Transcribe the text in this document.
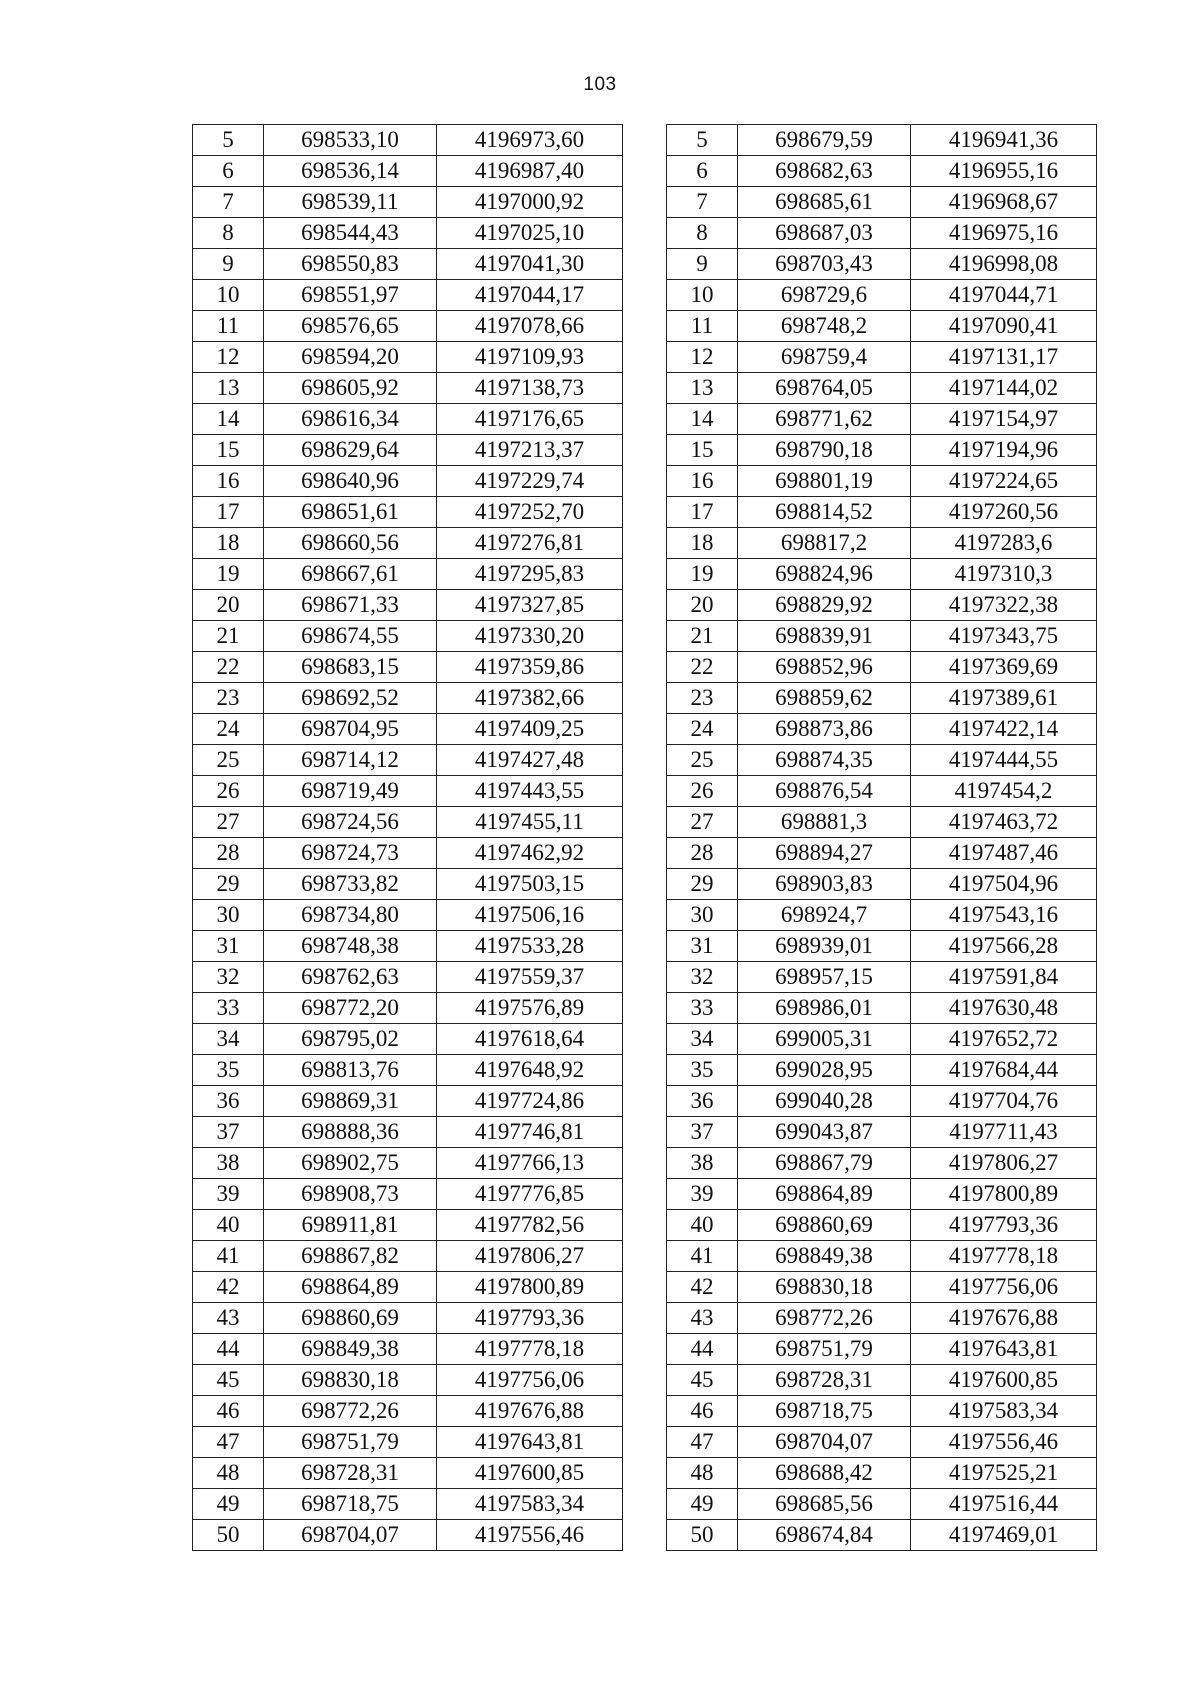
103
5	698533,10	4196973,60
6	698536,14	4196987,40
7	698539,11	4197000,92
8	698544,43	4197025,10
9	698550,83	4197041,30
10	698551,97	4197044,17
11	698576,65	4197078,66
12	698594,20	4197109,93
13	698605,92	4197138,73
14	698616,34	4197176,65
15	698629,64	4197213,37
16	698640,96	4197229,74
17	698651,61	4197252,70
18	698660,56	4197276,81
19	698667,61	4197295,83
20	698671,33	4197327,85
21	698674,55	4197330,20
22	698683,15	4197359,86
23	698692,52	4197382,66
24	698704,95	4197409,25
25	698714,12	4197427,48
26	698719,49	4197443,55
27	698724,56	4197455,11
28	698724,73	4197462,92
29	698733,82	4197503,15
30	698734,80	4197506,16
31	698748,38	4197533,28
32	698762,63	4197559,37
33	698772,20	4197576,89
34	698795,02	4197618,64
35	698813,76	4197648,92
36	698869,31	4197724,86
37	698888,36	4197746,81
38	698902,75	4197766,13
39	698908,73	4197776,85
40	698911,81	4197782,56
41	698867,82	4197806,27
42	698864,89	4197800,89
43	698860,69	4197793,36
44	698849,38	4197778,18
45	698830,18	4197756,06
46	698772,26	4197676,88
47	698751,79	4197643,81
48	698728,31	4197600,85
49	698718,75	4197583,34
50	698704,07	4197556,46
5	698679,59	4196941,36
6	698682,63	4196955,16
7	698685,61	4196968,67
8	698687,03	4196975,16
9	698703,43	4196998,08
10	698729,6	4197044,71
11	698748,2	4197090,41
12	698759,4	4197131,17
13	698764,05	4197144,02
14	698771,62	4197154,97
15	698790,18	4197194,96
16	698801,19	4197224,65
17	698814,52	4197260,56
18	698817,2	4197283,6
19	698824,96	4197310,3
20	698829,92	4197322,38
21	698839,91	4197343,75
22	698852,96	4197369,69
23	698859,62	4197389,61
24	698873,86	4197422,14
25	698874,35	4197444,55
26	698876,54	4197454,2
27	698881,3	4197463,72
28	698894,27	4197487,46
29	698903,83	4197504,96
30	698924,7	4197543,16
31	698939,01	4197566,28
32	698957,15	4197591,84
33	698986,01	4197630,48
34	699005,31	4197652,72
35	699028,95	4197684,44
36	699040,28	4197704,76
37	699043,87	4197711,43
38	698867,79	4197806,27
39	698864,89	4197800,89
40	698860,69	4197793,36
41	698849,38	4197778,18
42	698830,18	4197756,06
43	698772,26	4197676,88
44	698751,79	4197643,81
45	698728,31	4197600,85
46	698718,75	4197583,34
47	698704,07	4197556,46
48	698688,42	4197525,21
49	698685,56	4197516,44
50	698674,84	4197469,01
